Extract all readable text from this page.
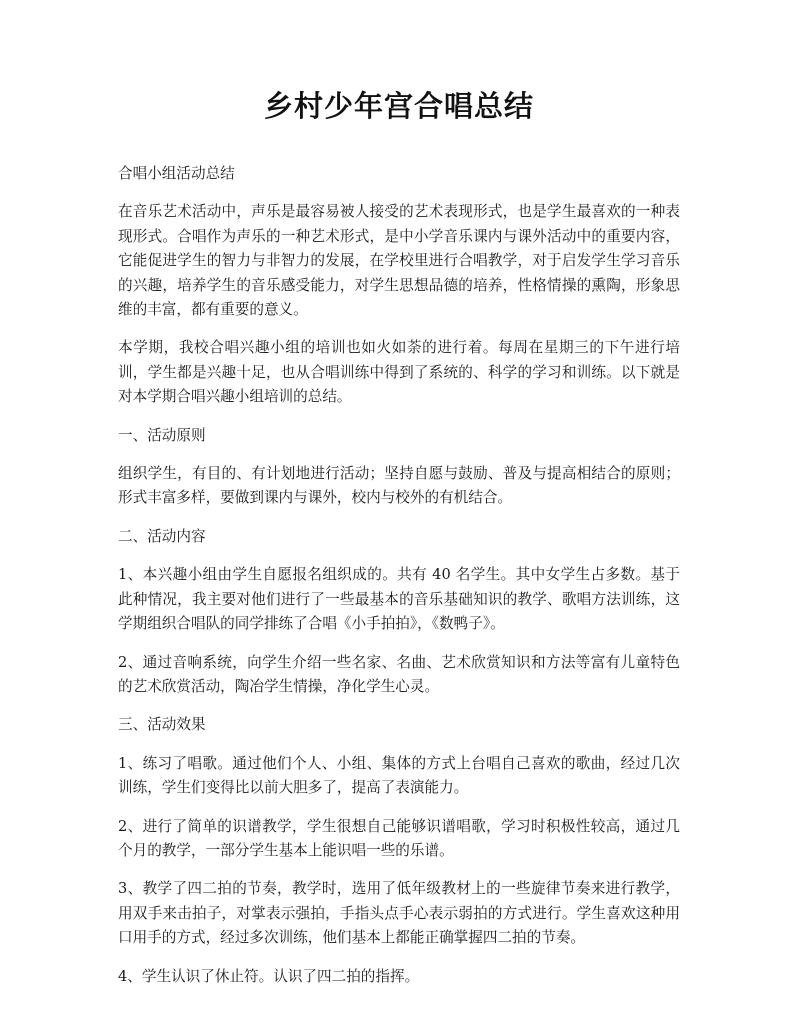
乡村少年宫合唱总结

合唱小组活动总结

在音乐艺术活动中，声乐是最容易被人接受的艺术表现形式，也是学生最喜欢的一种表现形式。合唱作为声乐的一种艺术形式，是中小学音乐课内与课外活动中的重要内容，它能促进学生的智力与非智力的发展，在学校里进行合唱教学，对于启发学生学习音乐的兴趣，培养学生的音乐感受能力，对学生思想品德的培养，性格情操的熏陶，形象思维的丰富，都有重要的意义。

本学期，我校合唱兴趣小组的培训也如火如荼的进行着。每周在星期三的下午进行培训，学生都是兴趣十足，也从合唱训练中得到了系统的、科学的学习和训练。以下就是对本学期合唱兴趣小组培训的总结。

一、活动原则

组织学生，有目的、有计划地进行活动；坚持自愿与鼓励、普及与提高相结合的原则；形式丰富多样，要做到课内与课外，校内与校外的有机结合。

二、活动内容

1、本兴趣小组由学生自愿报名组织成的。共有 40 名学生。其中女学生占多数。基于此种情况，我主要对他们进行了一些最基本的音乐基础知识的教学、歌唱方法训练，这学期组织合唱队的同学排练了合唱《小手拍拍》，《数鸭子》。

2、通过音响系统，向学生介绍一些名家、名曲、艺术欣赏知识和方法等富有儿童特色的艺术欣赏活动，陶冶学生情操，净化学生心灵。

三、活动效果

1、练习了唱歌。通过他们个人、小组、集体的方式上台唱自己喜欢的歌曲，经过几次训练，学生们变得比以前大胆多了，提高了表演能力。

2、进行了简单的识谱教学，学生很想自己能够识谱唱歌，学习时积极性较高，通过几个月的教学，一部分学生基本上能识唱一些的乐谱。

3、教学了四二拍的节奏，教学时，选用了低年级教材上的一些旋律节奏来进行教学，用双手来击拍子，对掌表示强拍，手指头点手心表示弱拍的方式进行。学生喜欢这种用口用手的方式，经过多次训练，他们基本上都能正确掌握四二拍的节奏。

4、学生认识了休止符。认识了四二拍的指挥。
